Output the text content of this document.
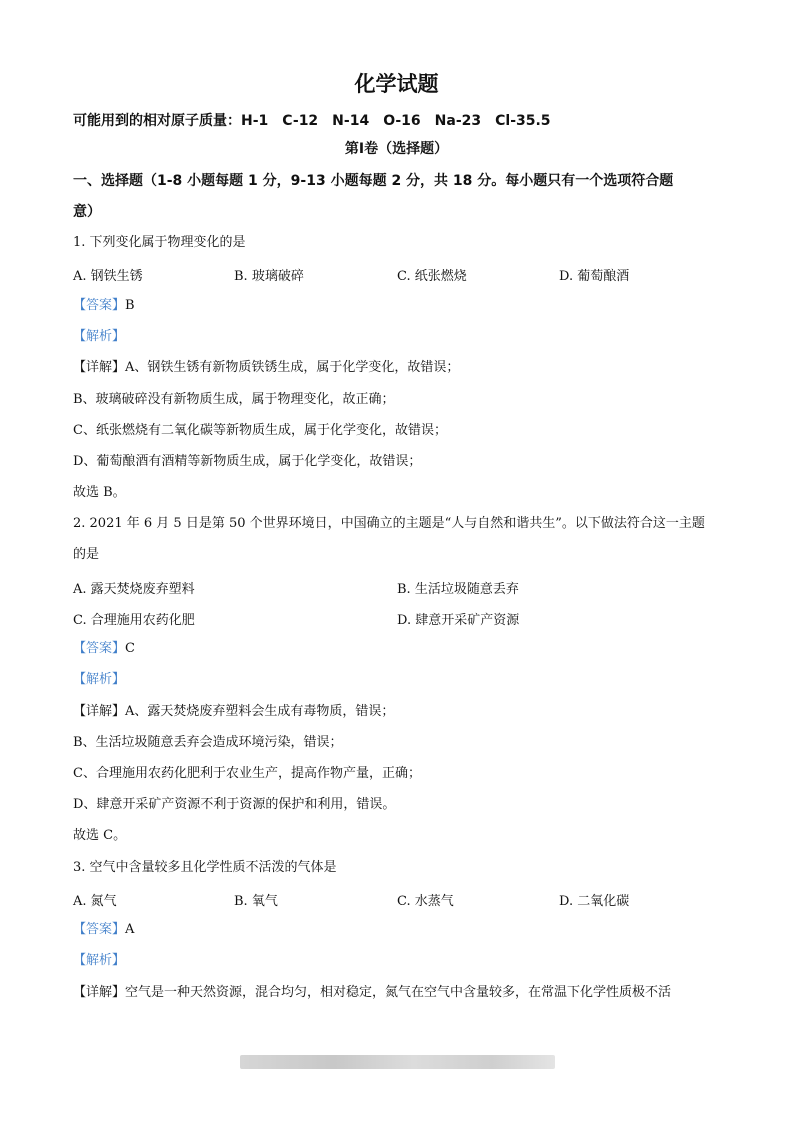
化学试题
可能用到的相对原子质量：H-1 C-12 N-14 O-16 Na-23 Cl-35.5
第Ⅰ卷（选择题）
一、选择题（1-8 小题每题 1 分，9-13 小题每题 2 分，共 18 分。每小题只有一个选项符合题
意）
1. 下列变化属于物理变化的是
A. 钢铁生锈	B. 玻璃破碎	C. 纸张燃烧	D. 葡萄酿酒
【答案】B
【解析】
【详解】A、钢铁生锈有新物质铁锈生成，属于化学变化，故错误；
B、玻璃破碎没有新物质生成，属于物理变化，故正确；
C、纸张燃烧有二氧化碳等新物质生成，属于化学变化，故错误；
D、葡萄酿酒有酒精等新物质生成，属于化学变化，故错误；
故选 B。
2. 2021 年 6 月 5 日是第 50 个世界环境日，中国确立的主题是“人与自然和谐共生”。以下做法符合这一主题
的是
A. 露天焚烧废弃塑料	B. 生活垃圾随意丢弃
C. 合理施用农药化肥	D. 肆意开采矿产资源
【答案】C
【解析】
【详解】A、露天焚烧废弃塑料会生成有毒物质，错误；
B、生活垃圾随意丢弃会造成环境污染，错误；
C、合理施用农药化肥利于农业生产，提高作物产量，正确；
D、肆意开采矿产资源不利于资源的保护和利用，错误。
故选 C。
3. 空气中含量较多且化学性质不活泼的气体是
A. 氮气	B. 氧气	C. 水蒸气	D. 二氧化碳
【答案】A
【解析】
【详解】空气是一种天然资源，混合均匀，相对稳定，氮气在空气中含量较多，在常温下化学性质极不活
